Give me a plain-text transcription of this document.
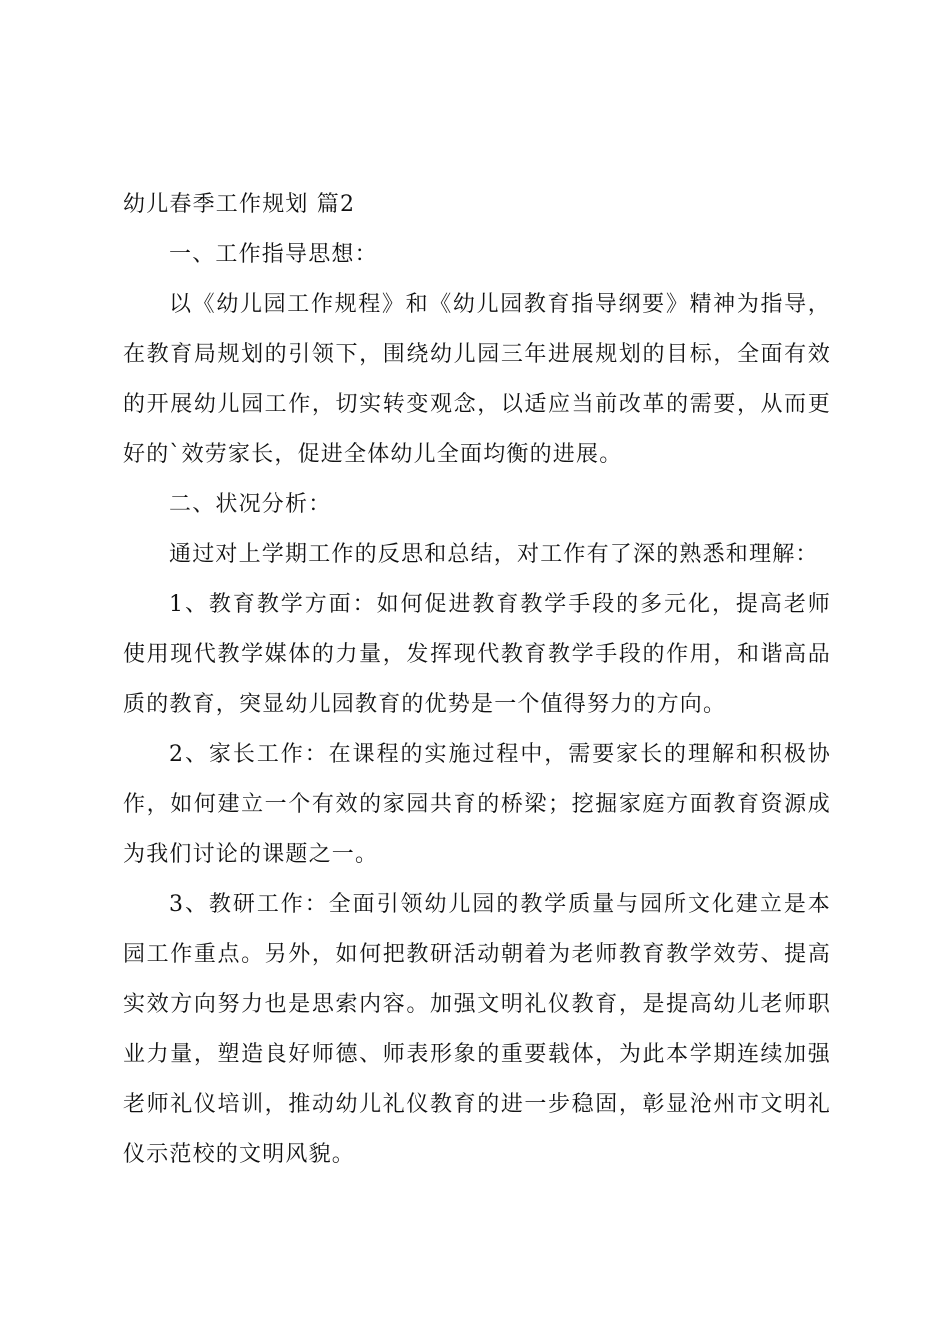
幼儿春季工作规划 篇2

一、工作指导思想：

以《幼儿园工作规程》和《幼儿园教育指导纲要》精神为指导，在教育局规划的引领下，围绕幼儿园三年进展规划的目标，全面有效的开展幼儿园工作，切实转变观念，以适应当前改革的需要，从而更好的`效劳家长，促进全体幼儿全面均衡的进展。

二、状况分析：

通过对上学期工作的反思和总结，对工作有了深的熟悉和理解：

1、教育教学方面：如何促进教育教学手段的多元化，提高老师使用现代教学媒体的力量，发挥现代教育教学手段的作用，和谐高品质的教育，突显幼儿园教育的优势是一个值得努力的方向。

2、家长工作：在课程的实施过程中，需要家长的理解和积极协作，如何建立一个有效的家园共育的桥梁；挖掘家庭方面教育资源成为我们讨论的课题之一。

3、教研工作：全面引领幼儿园的教学质量与园所文化建立是本园工作重点。另外，如何把教研活动朝着为老师教育教学效劳、提高实效方向努力也是思索内容。加强文明礼仪教育，是提高幼儿老师职业力量，塑造良好师德、师表形象的重要载体，为此本学期连续加强老师礼仪培训，推动幼儿礼仪教育的进一步稳固，彰显沧州市文明礼仪示范校的文明风貌。
